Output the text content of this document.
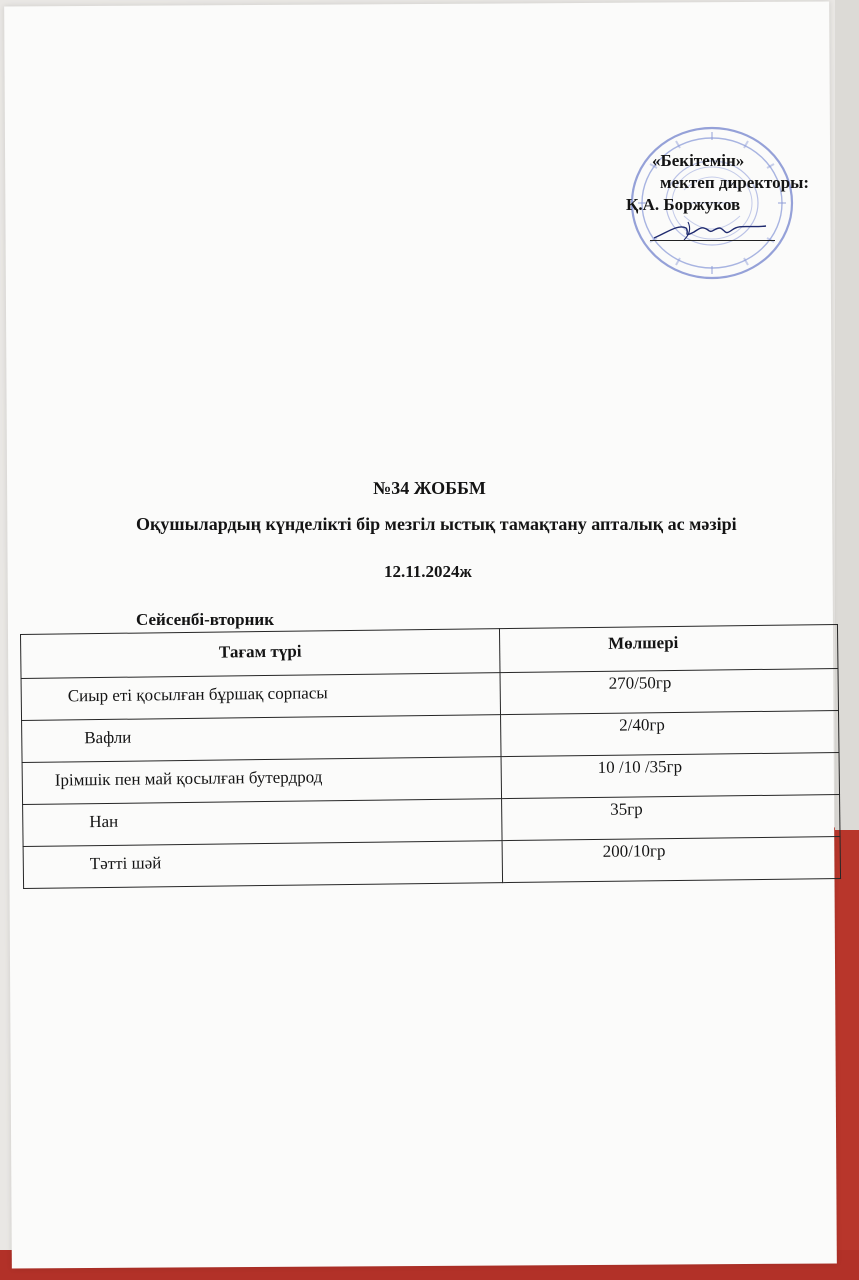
«Бекітемін»
мектеп директоры:
Қ.А. Боржуков
№34 ЖОББМ
Оқушылардың күнделікті бір мезгіл ыстық тамақтану апталық ас мәзірі
12.11.2024ж
Сейсенбі-вторник
Тағам түрі	Мөлшері
Сиыр еті қосылған бұршақ сорпасы	270/50гр
Вафли	2/40гр
Ірімшік пен май қосылған бутердрод	10 /10 /35гр
Нан	35гр
Тәтті шәй	200/10гр
